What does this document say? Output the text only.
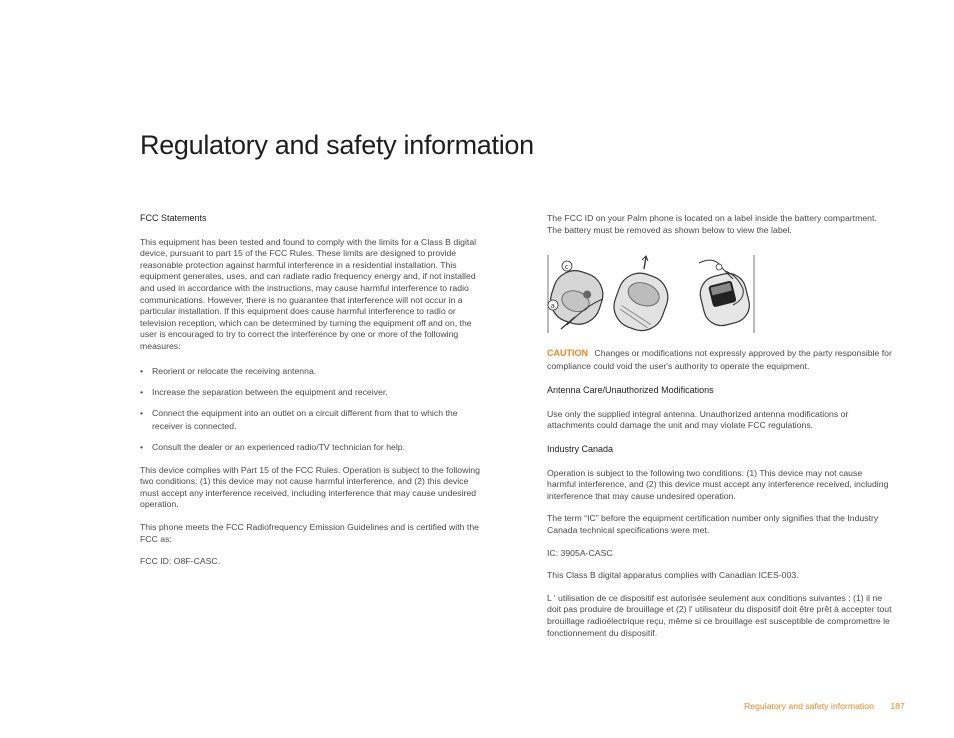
Regulatory and safety information

FCC Statements

This equipment has been tested and found to comply with the limits for a Class B digital device, pursuant to part 15 of the FCC Rules. These limits are designed to provide reasonable protection against harmful interference in a residential installation. This equipment generates, uses, and can radiate radio frequency energy and, if not installed and used in accordance with the instructions, may cause harmful interference to radio communications. However, there is no guarantee that interference will not occur in a particular installation. If this equipment does cause harmful interference to radio or television reception, which can be determined by turning the equipment off and on, the user is encouraged to try to correct the interference by one or more of the following measures:

• Reorient or relocate the receiving antenna.
• Increase the separation between the equipment and receiver.
• Connect the equipment into an outlet on a circuit different from that to which the receiver is connected.
• Consult the dealer or an experienced radio/TV technician for help.

This device complies with Part 15 of the FCC Rules. Operation is subject to the following two conditions: (1) this device may not cause harmful interference, and (2) this device must accept any interference received, including interference that may cause undesired operation.

This phone meets the FCC Radiofrequency Emission Guidelines and is certified with the FCC as:

FCC ID: O8F-CASC.

The FCC ID on your Palm phone is located on a label inside the battery compartment. The battery must be removed as shown below to view the label.

c
a

CAUTION Changes or modifications not expressly approved by the party responsible for compliance could void the user's authority to operate the equipment.

Antenna Care/Unauthorized Modifications

Use only the supplied integral antenna. Unauthorized antenna modifications or attachments could damage the unit and may violate FCC regulations.

Industry Canada

Operation is subject to the following two conditions: (1) This device may not cause harmful interference, and (2) this device must accept any interference received, including interference that may cause undesired operation.

The term “IC” before the equipment certification number only signifies that the Industry Canada technical specifications were met.

IC: 3905A-CASC

This Class B digital apparatus complies with Canadian ICES-003.

L ' utilisation de ce dispositif est autorisée seulement aux conditions suivantes : (1) il ne doit pas produire de brouillage et (2) l' utilisateur du dispositif doit être prêt à accepter tout brouillage radioélectrique reçu, même si ce brouillage est susceptible de compromettre le fonctionnement du dispositif.

Regulatory and safety information 187
